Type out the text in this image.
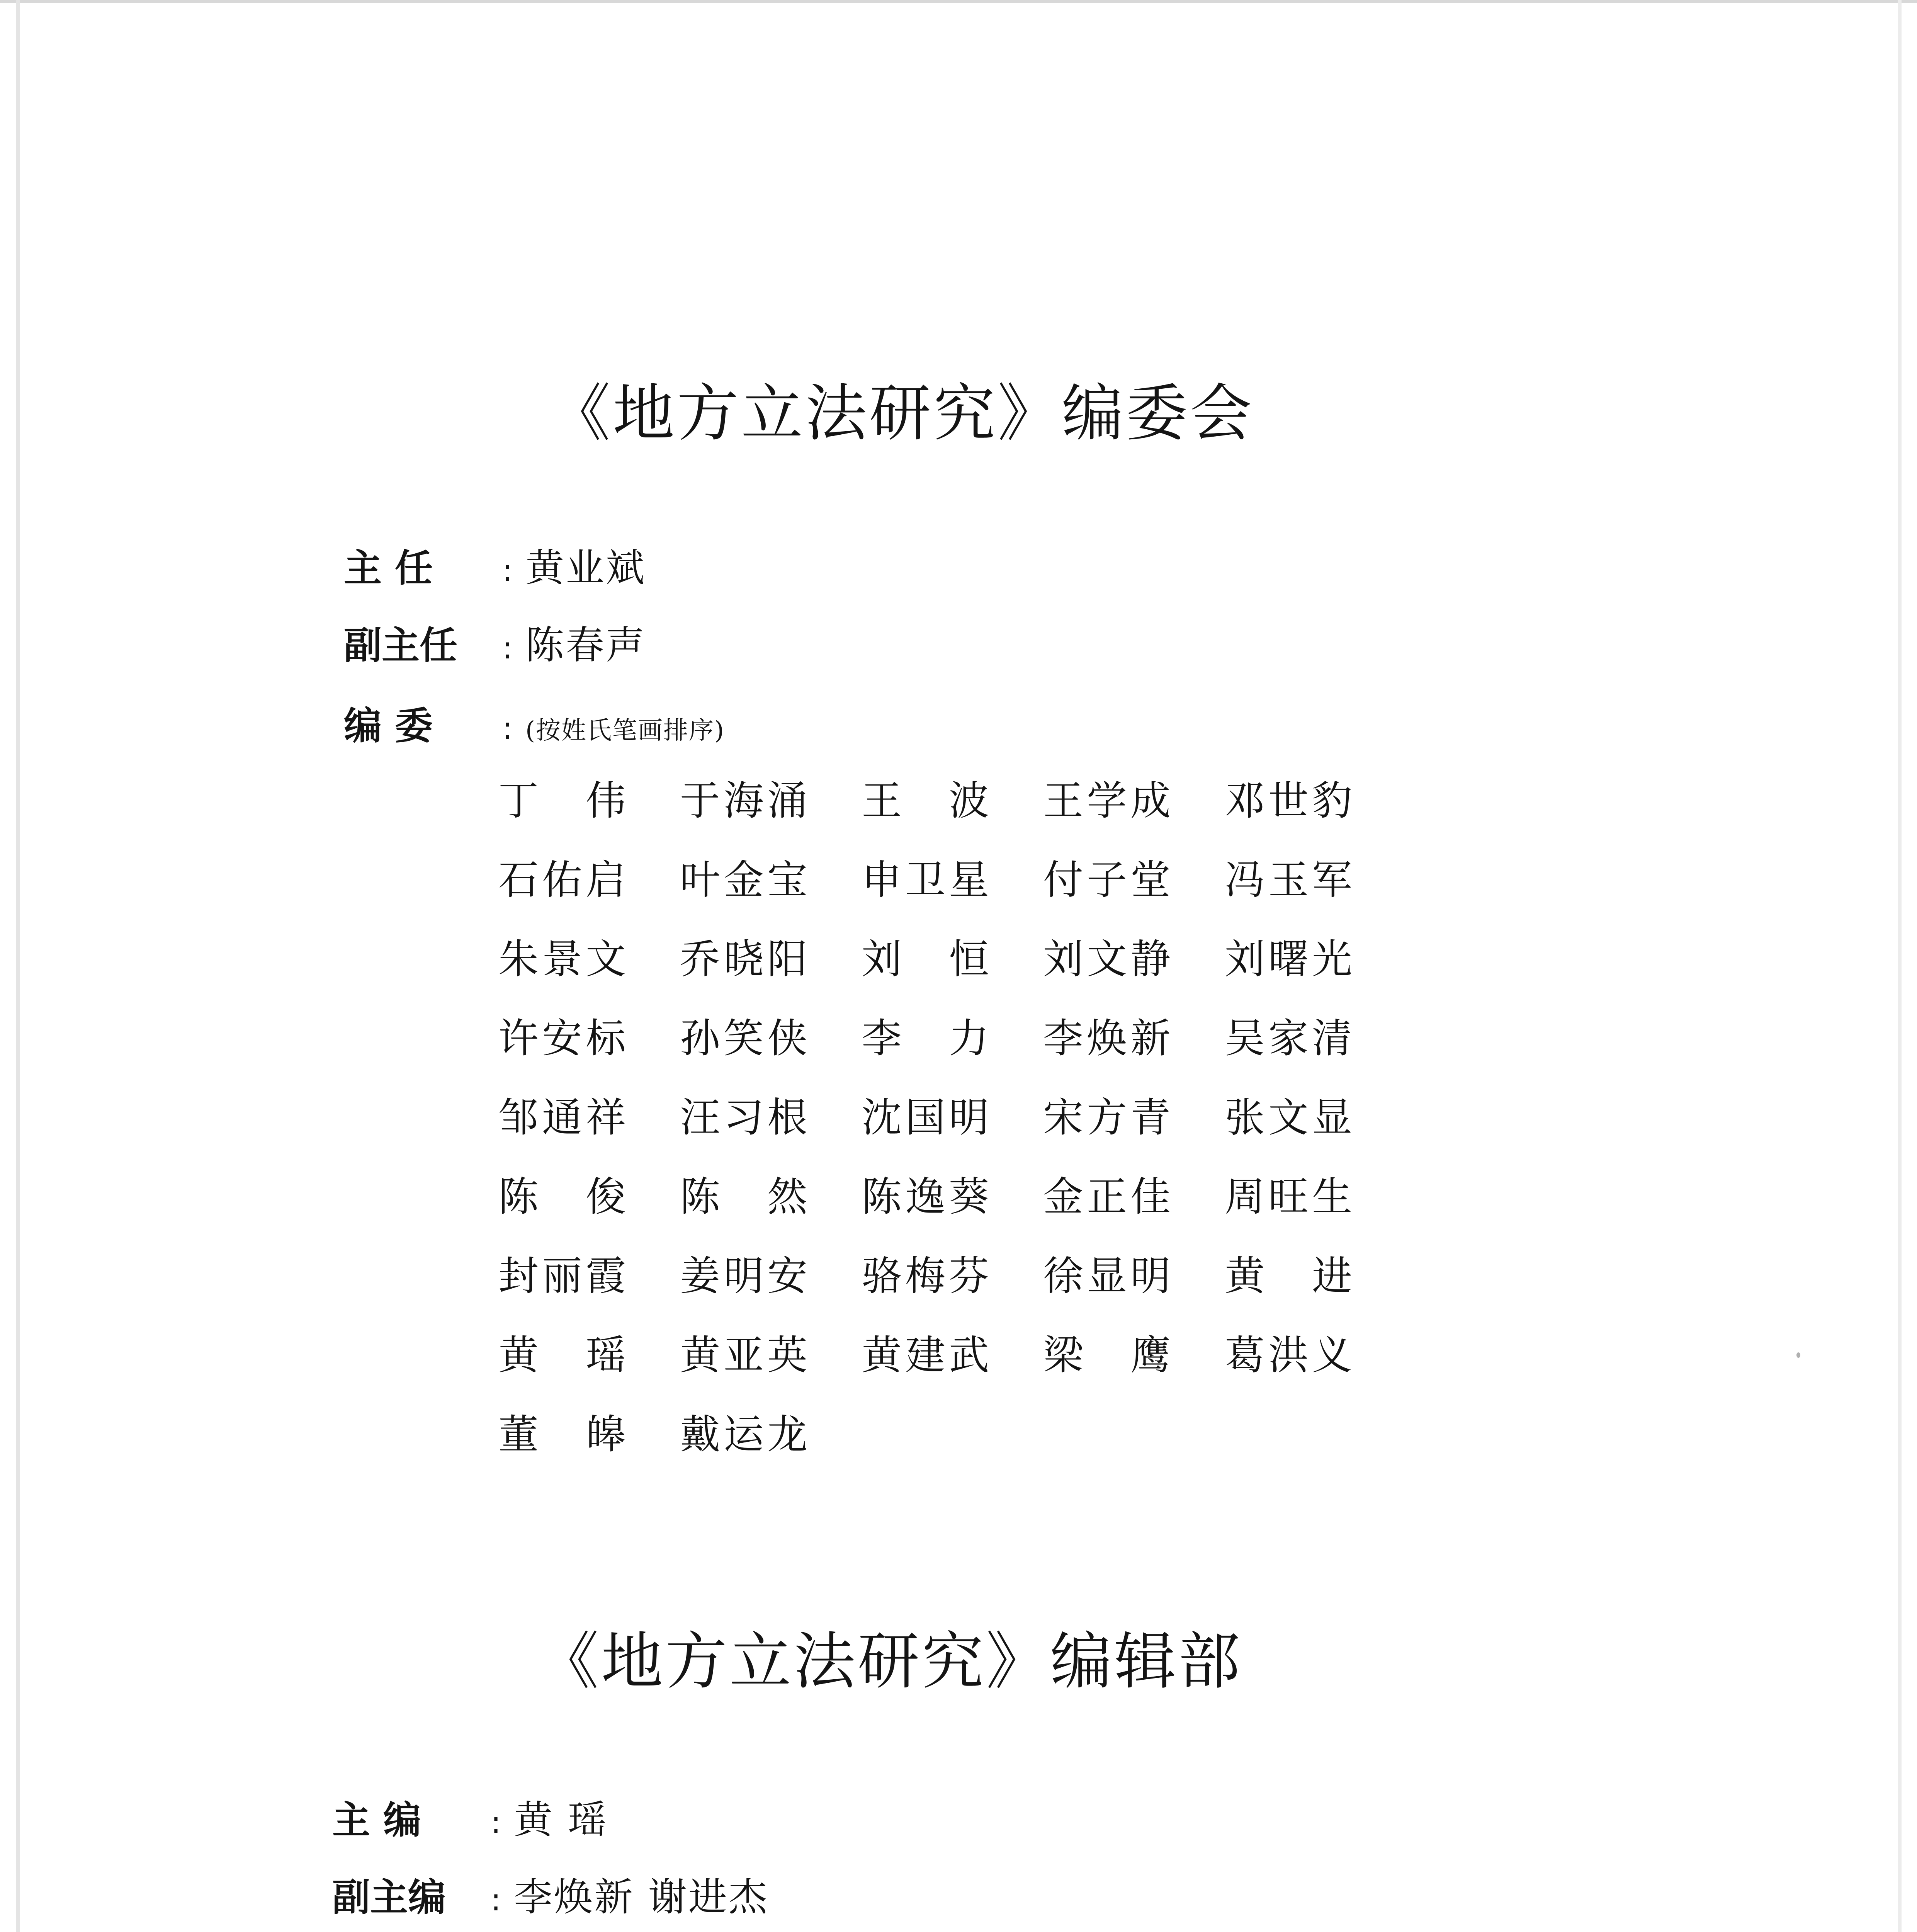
《地方立法研究》编委会
主 任 : 黄业斌
副主任 : 陈春声
编 委 : (按姓氏笔画排序)
丁 伟 于 海 涌 王 波 王 学 成 邓 世 豹
石 佑 启 叶 金 宝 申 卫 星 付 子 堂 冯 玉 军
朱 景 文 乔 晓 阳 刘 恒 刘 文 静 刘 曙 光
许 安 标 孙 笑 侠 李 力 李 焕 新 吴 家 清
邹 通 祥 汪 习 根 沈 国 明 宋 方 青 张 文 显
陈 俊 陈 然 陈 逸 葵 金 正 佳 周 旺 生
封 丽 霞 姜 明 安 骆 梅 芬 徐 显 明 黄 进
黄 瑶 黄 亚 英 黄 建 武 梁 鹰 葛 洪 义
董 皞 戴 运 龙
《地方立法研究》编辑部
主 编 : 黄 瑶
副主编 : 李焕新 谢进杰
